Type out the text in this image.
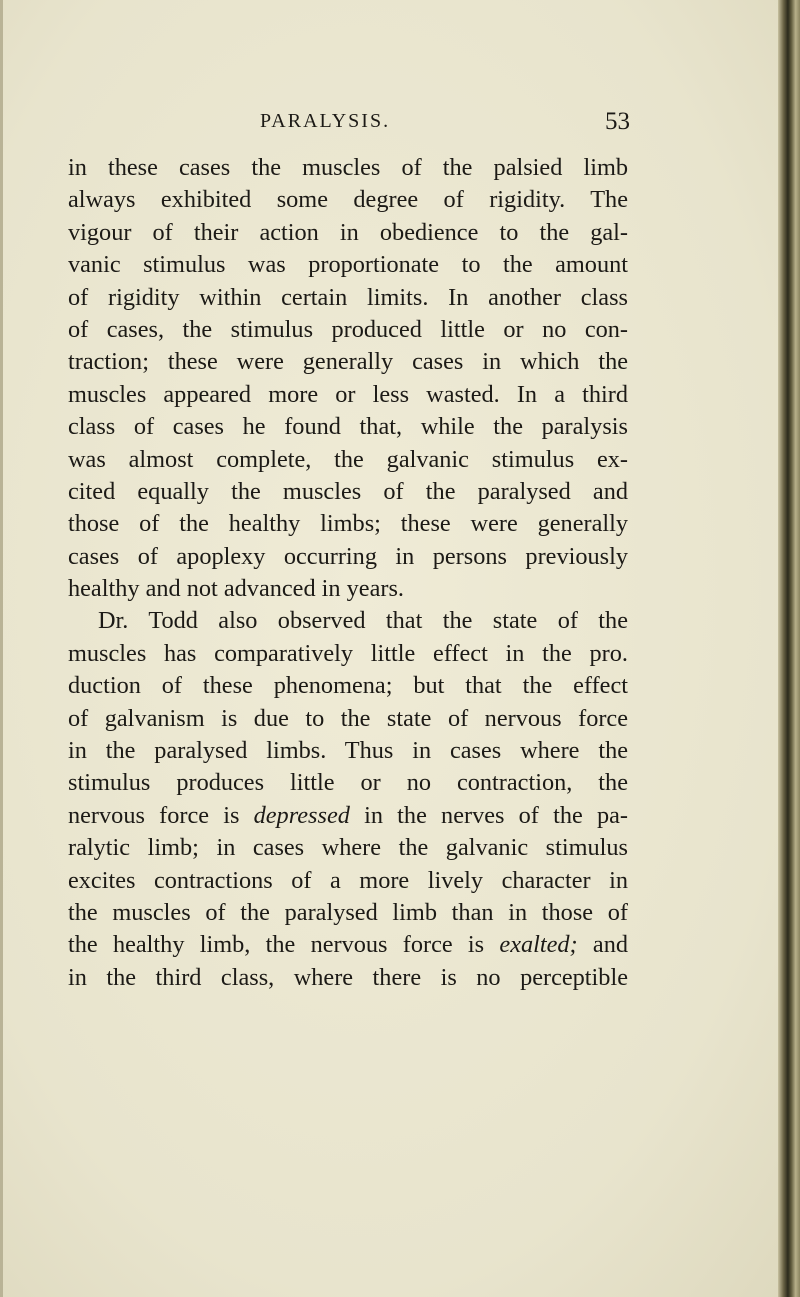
PARALYSIS.	53
in these cases the muscles of the palsied limb
always exhibited some degree of rigidity. The
vigour of their action in obedience to the gal-
vanic stimulus was proportionate to the amount
of rigidity within certain limits. In another class
of cases, the stimulus produced little or no con-
traction; these were generally cases in which the
muscles appeared more or less wasted. In a third
class of cases he found that, while the paralysis
was almost complete, the galvanic stimulus ex-
cited equally the muscles of the paralysed and
those of the healthy limbs; these were generally
cases of apoplexy occurring in persons previously
healthy and not advanced in years.
Dr. Todd also observed that the state of the
muscles has comparatively little effect in the pro.
duction of these phenomena; but that the effect
of galvanism is due to the state of nervous force
in the paralysed limbs. Thus in cases where the
stimulus produces little or no contraction, the
nervous force is depressed in the nerves of the pa-
ralytic limb; in cases where the galvanic stimulus
excites contractions of a more lively character in
the muscles of the paralysed limb than in those of
the healthy limb, the nervous force is exalted; and
in the third class, where there is no perceptible
